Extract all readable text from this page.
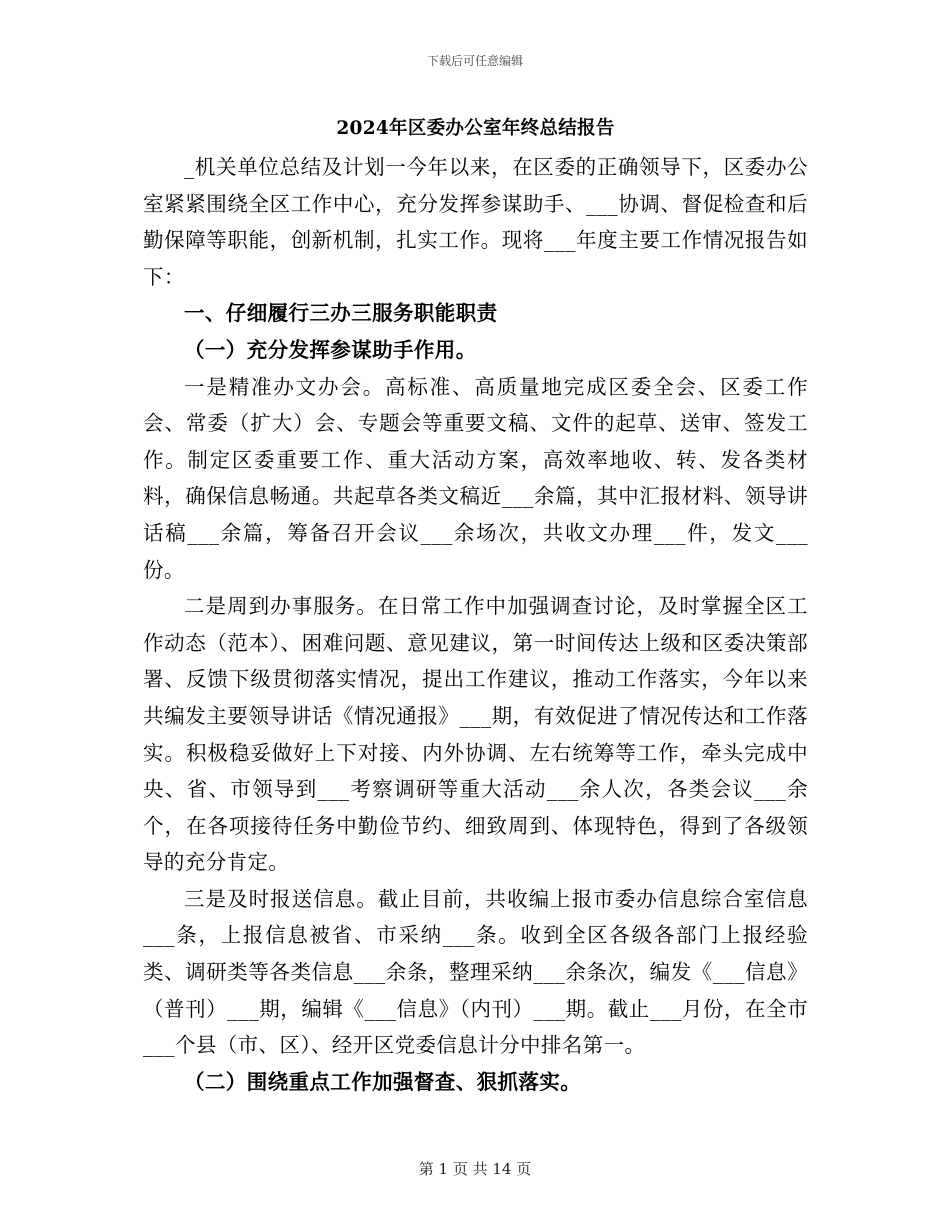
下载后可任意编辑
2024年区委办公室年终总结报告

_机关单位总结及计划一今年以来，在区委的正确领导下，区委办公室紧紧围绕全区工作中心，充分发挥参谋助手、___协调、督促检查和后勤保障等职能，创新机制，扎实工作。现将___年度主要工作情况报告如下：

一、仔细履行三办三服务职能职责

（一）充分发挥参谋助手作用。

一是精准办文办会。高标准、高质量地完成区委全会、区委工作会、常委（扩大）会、专题会等重要文稿、文件的起草、送审、签发工作。制定区委重要工作、重大活动方案，高效率地收、转、发各类材料，确保信息畅通。共起草各类文稿近___余篇，其中汇报材料、领导讲话稿___余篇，筹备召开会议___余场次，共收文办理___件，发文___份。

二是周到办事服务。在日常工作中加强调查讨论，及时掌握全区工作动态（范本）、困难问题、意见建议，第一时间传达上级和区委决策部署、反馈下级贯彻落实情况，提出工作建议，推动工作落实，今年以来共编发主要领导讲话《情况通报》___期，有效促进了情况传达和工作落实。积极稳妥做好上下对接、内外协调、左右统筹等工作，牵头完成中央、省、市领导到___考察调研等重大活动___余人次，各类会议___余个，在各项接待任务中勤俭节约、细致周到、体现特色，得到了各级领导的充分肯定。

三是及时报送信息。截止目前，共收编上报市委办信息综合室信息___条，上报信息被省、市采纳___条。收到全区各级各部门上报经验类、调研类等各类信息___余条，整理采纳___余条次，编发《___信息》（普刊）___期，编辑《___信息》（内刊）___期。截止___月份，在全市___个县（市、区）、经开区党委信息计分中排名第一。

（二）围绕重点工作加强督查、狠抓落实。

第 1 页 共 14 页
